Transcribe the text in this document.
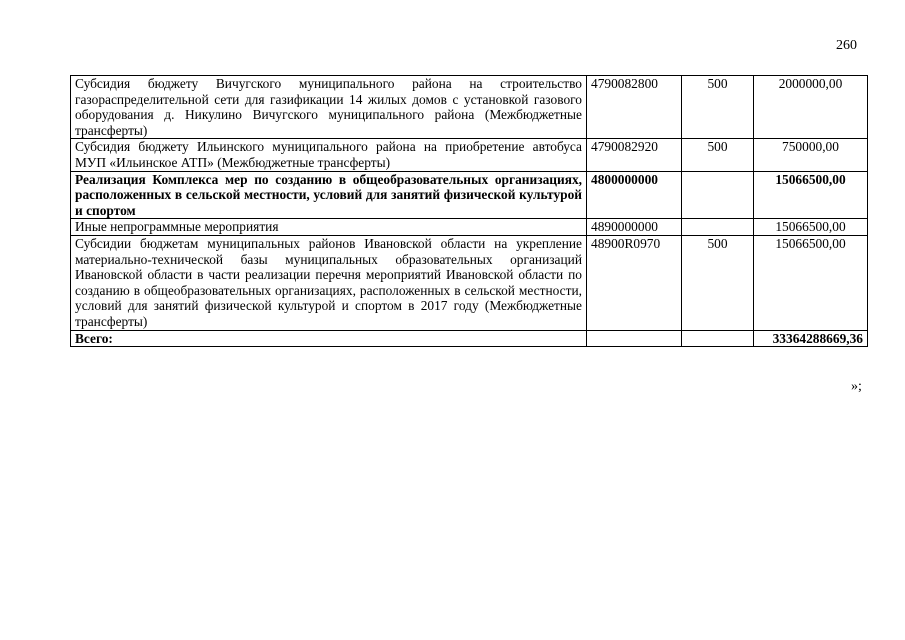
260
Субсидия бюджету Вичугского муниципального района на строительство газораспределительной сети для газификации 14 жилых домов с установкой газового оборудования д. Никулино Вичугского муниципального района (Межбюджетные трансферты)	4790082800	500	2000000,00
Субсидия бюджету Ильинского муниципального района на приобретение автобуса МУП «Ильинское АТП» (Межбюджетные трансферты)	4790082920	500	750000,00
Реализация Комплекса мер по созданию в общеобразовательных организациях, расположенных в сельской местности, условий для занятий физической культурой и спортом	4800000000		15066500,00
Иные непрограммные мероприятия	4890000000		15066500,00
Субсидии бюджетам муниципальных районов Ивановской области на укрепление материально-технической базы муниципальных образовательных организаций Ивановской области в части реализации перечня мероприятий Ивановской области по созданию в общеобразовательных организациях, расположенных в сельской местности, условий для занятий физической культурой и спортом в 2017 году (Межбюджетные трансферты)	48900R0970	500	15066500,00
Всего:			33364288669,36
»;
